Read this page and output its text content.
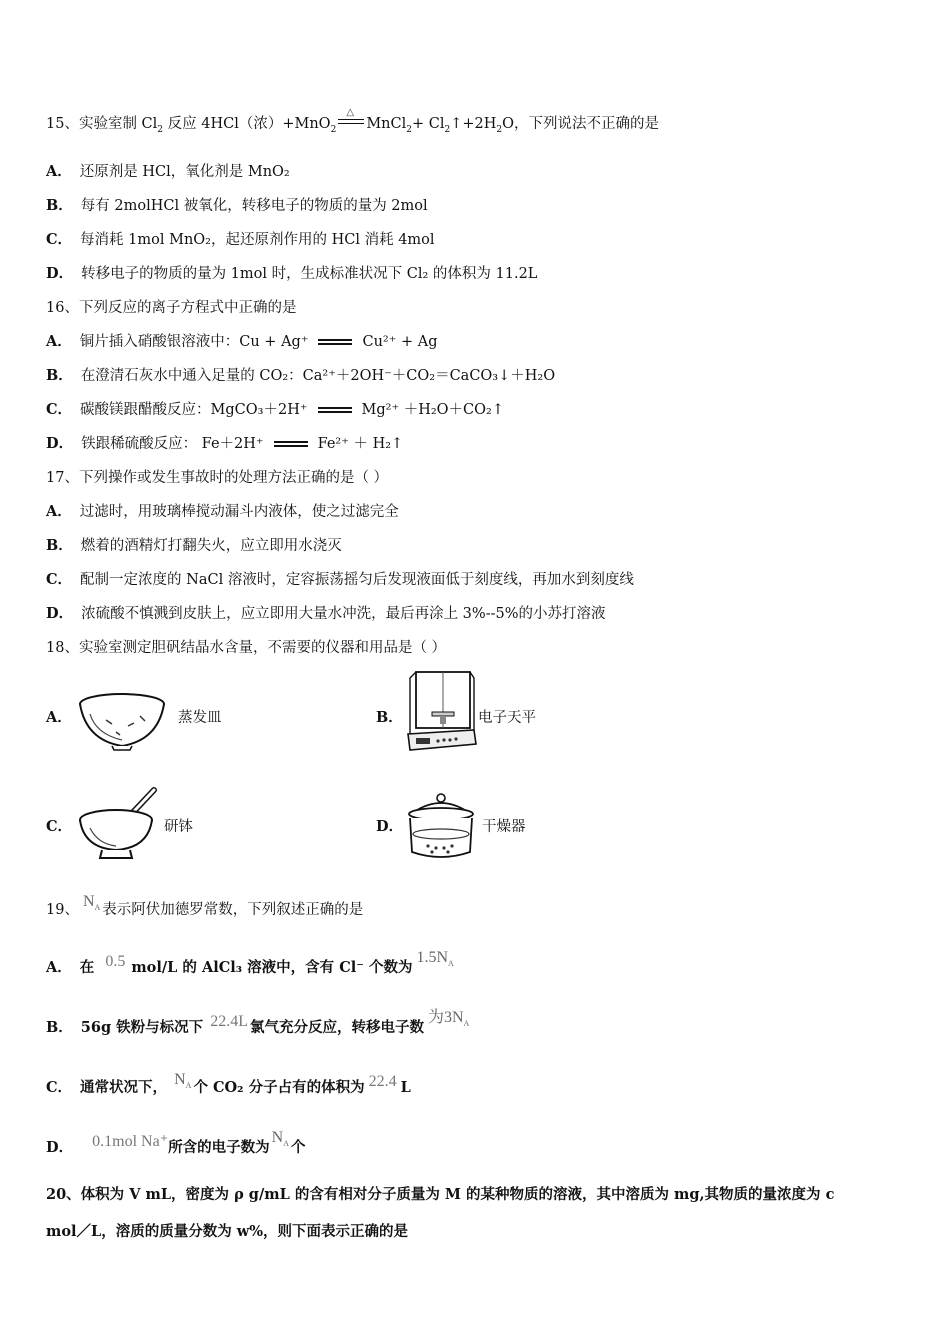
15、实验室制 $Cl_2$ 反应 4HCl（浓）+MnO$_2$
△
MnCl$_2$+ $Cl_2↑+2H_2O$，下列说法不正确的是
A． 还原剂是 HCl，氧化剂是 MnO₂
B． 每有 2molHCl 被氧化，转移电子的物质的量为 2mol
C． 每消耗 1mol MnO₂，起还原剂作用的 HCl 消耗 4mol
D． 转移电子的物质的量为 1mol 时，生成标准状况下 Cl₂ 的体积为 11.2L
16、下列反应的离子方程式中正确的是
A． 铜片插入硝酸银溶液中：Cu + Ag⁺	Cu²⁺ + Ag
B． 在澄清石灰水中通入足量的 CO₂：Ca²⁺＋2OH⁻＋CO₂＝CaCO₃↓＋H₂O
C． 碳酸镁跟醋酸反应：MgCO₃＋2H⁺	Mg²⁺ ＋H₂O＋CO₂↑
D． 铁跟稀硫酸反应： Fe＋2H⁺	Fe²⁺ ＋ H₂↑
17、下列操作或发生事故时的处理方法正确的是（ ）
A． 过滤时，用玻璃棒搅动漏斗内液体，使之过滤完全
B． 燃着的酒精灯打翻失火，应立即用水浇灭
C． 配制一定浓度的 NaCl 溶液时，定容振荡摇匀后发现液面低于刻度线，再加水到刻度线
D． 浓硫酸不慎溅到皮肤上，应立即用大量水冲洗，最后再涂上 3%--5%的小苏打溶液
18、实验室测定胆矾结晶水含量，不需要的仪器和用品是（ ）
A．	蒸发皿	B．	电子天平
C．	研钵	D．	干燥器
19、 $N_A$ 表示阿伏加德罗常数，下列叙述正确的是
A． 在 0.5 mol/L 的 AlCl₃ 溶液中，含有 Cl⁻ 个数为$1.5N_A$
B． 56g 铁粉与标况下 22.4L 氯气充分反应，转移电子数为$3N_A$
C． 通常状况下， $N_A$ 个 CO₂ 分子占有的体积为 22.4 L
D． 0.1mol Na⁺所含的电子数为$N_A$ 个
20、体积为 V mL，密度为 ρ g/mL 的含有相对分子质量为 M 的某种物质的溶液，其中溶质为 mg,其物质的量浓度为 c
mol／L，溶质的质量分数为 w%，则下面表示正确的是
